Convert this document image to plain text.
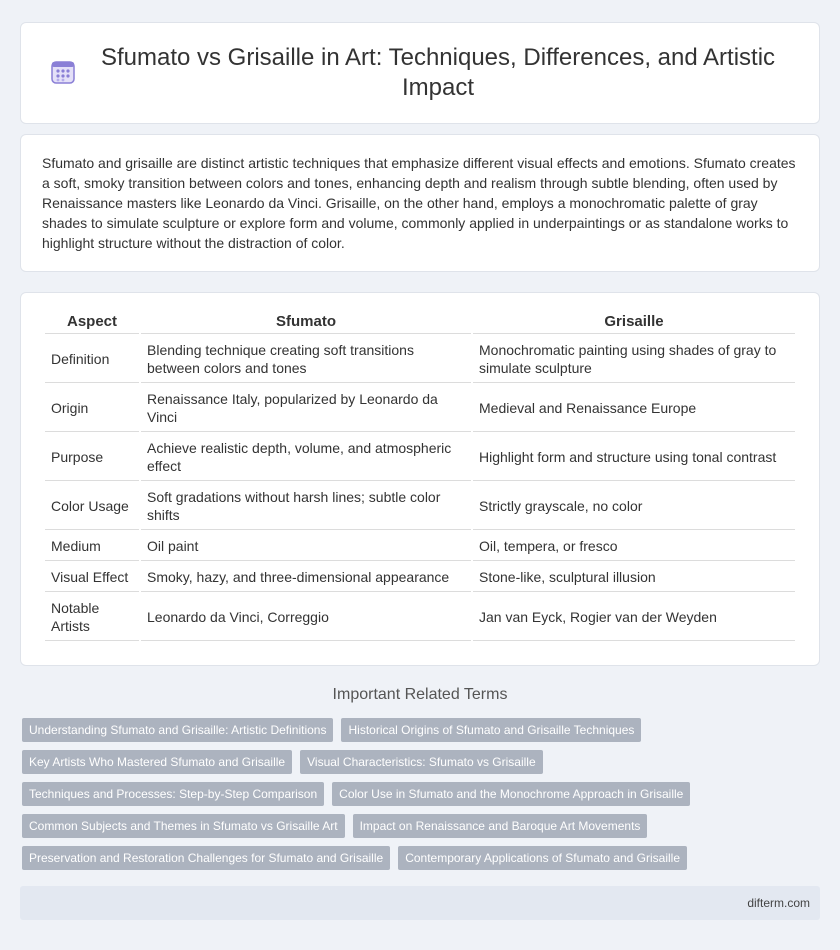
Sfumato vs Grisaille in Art: Techniques, Differences, and Artistic Impact

Sfumato and grisaille are distinct artistic techniques that emphasize different visual effects and emotions. Sfumato creates a soft, smoky transition between colors and tones, enhancing depth and realism through subtle blending, often used by Renaissance masters like Leonardo da Vinci. Grisaille, on the other hand, employs a monochromatic palette of gray shades to simulate sculpture or explore form and volume, commonly applied in underpaintings or as standalone works to highlight structure without the distraction of color.

Aspect	Sfumato	Grisaille
Definition	Blending technique creating soft transitions between colors and tones	Monochromatic painting using shades of gray to simulate sculpture
Origin	Renaissance Italy, popularized by Leonardo da Vinci	Medieval and Renaissance Europe
Purpose	Achieve realistic depth, volume, and atmospheric effect	Highlight form and structure using tonal contrast
Color Usage	Soft gradations without harsh lines; subtle color shifts	Strictly grayscale, no color
Medium	Oil paint	Oil, tempera, or fresco
Visual Effect	Smoky, hazy, and three-dimensional appearance	Stone-like, sculptural illusion
Notable Artists	Leonardo da Vinci, Correggio	Jan van Eyck, Rogier van der Weyden
Important Related Terms
Understanding Sfumato and Grisaille: Artistic Definitions	Historical Origins of Sfumato and Grisaille Techniques
Key Artists Who Mastered Sfumato and Grisaille	Visual Characteristics: Sfumato vs Grisaille
Techniques and Processes: Step-by-Step Comparison	Color Use in Sfumato and the Monochrome Approach in Grisaille
Common Subjects and Themes in Sfumato vs Grisaille Art	Impact on Renaissance and Baroque Art Movements
Preservation and Restoration Challenges for Sfumato and Grisaille	Contemporary Applications of Sfumato and Grisaille
difterm.com
